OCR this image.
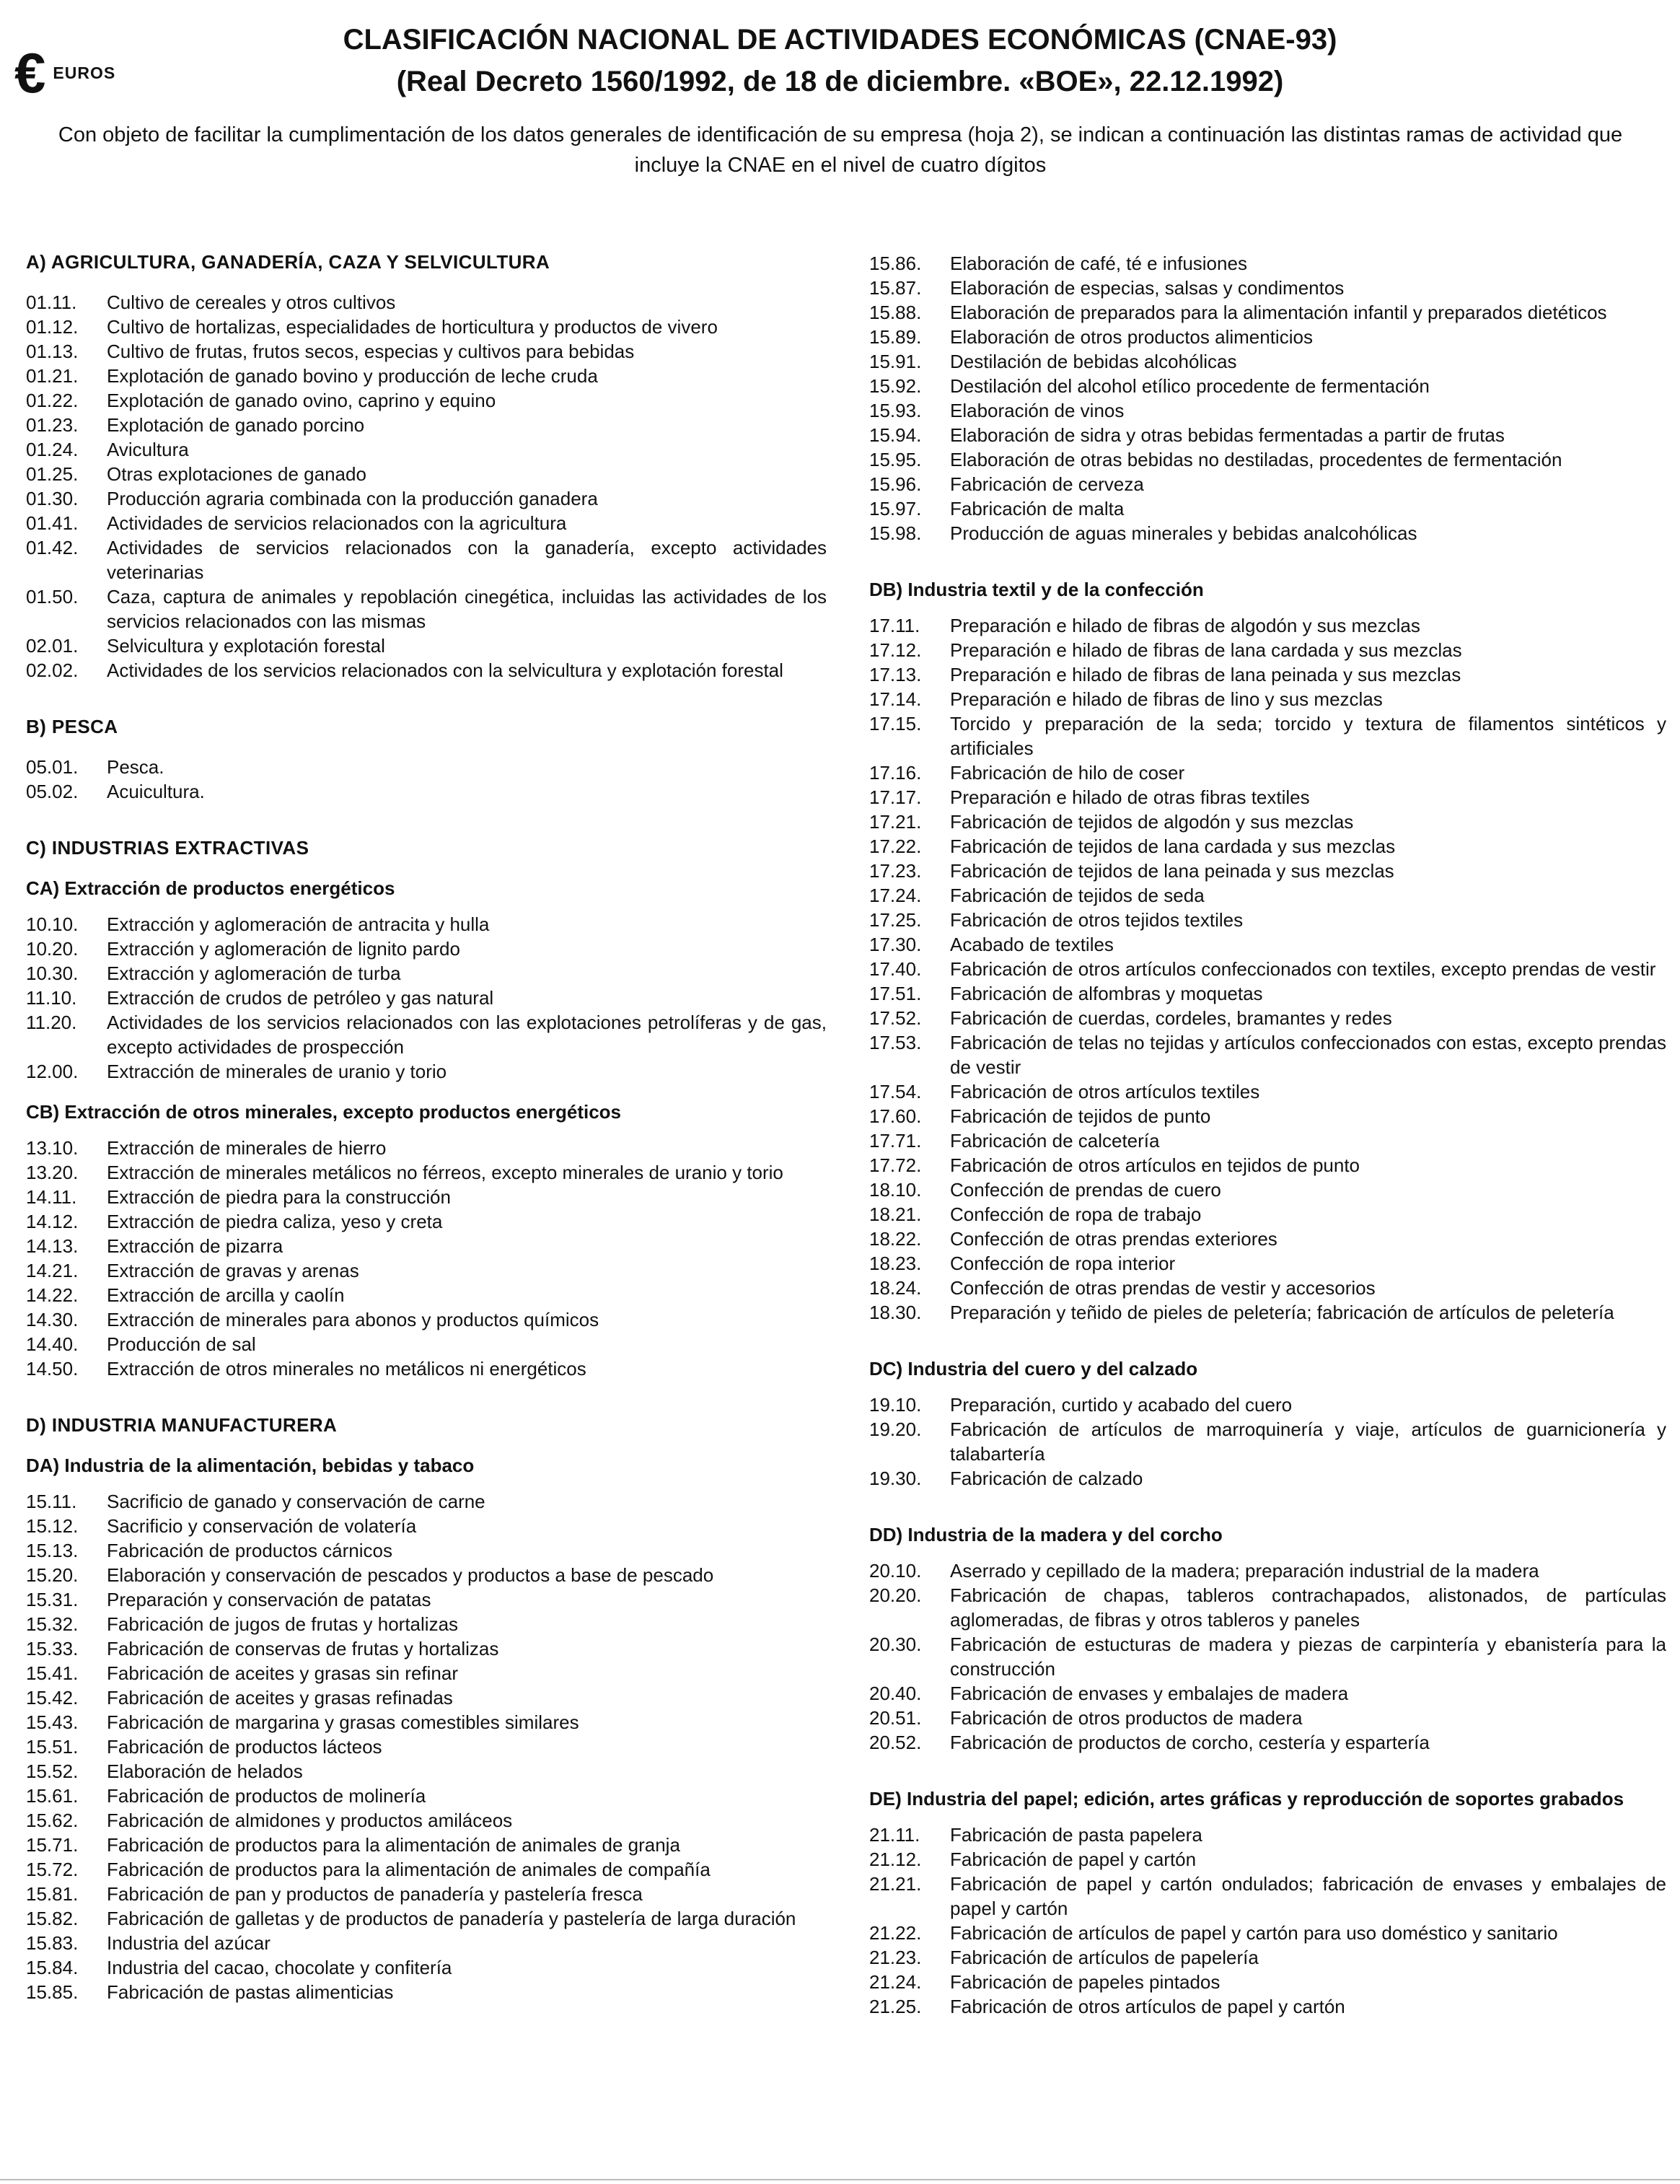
€ EUROS
CLASIFICACIÓN NACIONAL DE ACTIVIDADES ECONÓMICAS (CNAE-93)
(Real Decreto 1560/1992, de 18 de diciembre. «BOE», 22.12.1992)
Con objeto de facilitar la cumplimentación de los datos generales de identificación de su empresa (hoja 2), se indican a continuación las distintas ramas de actividad que incluye la CNAE en el nivel de cuatro dígitos
A) AGRICULTURA, GANADERÍA, CAZA Y SELVICULTURA
01.11.	Cultivo de cereales y otros cultivos
01.12.	Cultivo de hortalizas, especialidades de horticultura y productos de vivero
01.13.	Cultivo de frutas, frutos secos, especias y cultivos para bebidas
01.21.	Explotación de ganado bovino y producción de leche cruda
01.22.	Explotación de ganado ovino, caprino y equino
01.23.	Explotación de ganado porcino
01.24.	Avicultura
01.25.	Otras explotaciones de ganado
01.30.	Producción agraria combinada con la producción ganadera
01.41.	Actividades de servicios relacionados con la agricultura
01.42.	Actividades de servicios relacionados con la ganadería, excepto actividades veterinarias
01.50.	Caza, captura de animales y repoblación cinegética, incluidas las actividades de los servicios relacionados con las mismas
02.01.	Selvicultura y explotación forestal
02.02.	Actividades de los servicios relacionados con la selvicultura y explotación forestal
B) PESCA
05.01.	Pesca.
05.02.	Acuicultura.
C) INDUSTRIAS EXTRACTIVAS
CA) Extracción de productos energéticos
10.10.	Extracción y aglomeración de antracita y hulla
10.20.	Extracción y aglomeración de lignito pardo
10.30.	Extracción y aglomeración de turba
11.10.	Extracción de crudos de petróleo y gas natural
11.20.	Actividades de los servicios relacionados con las explotaciones petrolíferas y de gas, excepto actividades de prospección
12.00.	Extracción de minerales de uranio y torio
CB) Extracción de otros minerales, excepto productos energéticos
13.10.	Extracción de minerales de hierro
13.20.	Extracción de minerales metálicos no férreos, excepto minerales de uranio y torio
14.11.	Extracción de piedra para la construcción
14.12.	Extracción de piedra caliza, yeso y creta
14.13.	Extracción de pizarra
14.21.	Extracción de gravas y arenas
14.22.	Extracción de arcilla y caolín
14.30.	Extracción de minerales para abonos y productos químicos
14.40.	Producción de sal
14.50.	Extracción de otros minerales no metálicos ni energéticos
D) INDUSTRIA MANUFACTURERA
DA) Industria de la alimentación, bebidas y tabaco
15.11.	Sacrificio de ganado y conservación de carne
15.12.	Sacrificio y conservación de volatería
15.13.	Fabricación de productos cárnicos
15.20.	Elaboración y conservación de pescados y productos a base de pescado
15.31.	Preparación y conservación de patatas
15.32.	Fabricación de jugos de frutas y hortalizas
15.33.	Fabricación de conservas de frutas y hortalizas
15.41.	Fabricación de aceites y grasas sin refinar
15.42.	Fabricación de aceites y grasas refinadas
15.43.	Fabricación de margarina y grasas comestibles similares
15.51.	Fabricación de productos lácteos
15.52.	Elaboración de helados
15.61.	Fabricación de productos de molinería
15.62.	Fabricación de almidones y productos amiláceos
15.71.	Fabricación de productos para la alimentación de animales de granja
15.72.	Fabricación de productos para la alimentación de animales de compañía
15.81.	Fabricación de pan y productos de panadería y pastelería fresca
15.82.	Fabricación de galletas y de productos de panadería y pastelería de larga duración
15.83.	Industria del azúcar
15.84.	Industria del cacao, chocolate y confitería
15.85.	Fabricación de pastas alimenticias
15.86.	Elaboración de café, té e infusiones
15.87.	Elaboración de especias, salsas y condimentos
15.88.	Elaboración de preparados para la alimentación infantil y preparados dietéticos
15.89.	Elaboración de otros productos alimenticios
15.91.	Destilación de bebidas alcohólicas
15.92.	Destilación del alcohol etílico procedente de fermentación
15.93.	Elaboración de vinos
15.94.	Elaboración de sidra y otras bebidas fermentadas a partir de frutas
15.95.	Elaboración de otras bebidas no destiladas, procedentes de fermentación
15.96.	Fabricación de cerveza
15.97.	Fabricación de malta
15.98.	Producción de aguas minerales y bebidas analcohólicas
DB) Industria textil y de la confección
17.11.	Preparación e hilado de fibras de algodón y sus mezclas
17.12.	Preparación e hilado de fibras de lana cardada y sus mezclas
17.13.	Preparación e hilado de fibras de lana peinada y sus mezclas
17.14.	Preparación e hilado de fibras de lino y sus mezclas
17.15.	Torcido y preparación de la seda; torcido y textura de filamentos sintéticos y artificiales
17.16.	Fabricación de hilo de coser
17.17.	Preparación e hilado de otras fibras textiles
17.21.	Fabricación de tejidos de algodón y sus mezclas
17.22.	Fabricación de tejidos de lana cardada y sus mezclas
17.23.	Fabricación de tejidos de lana peinada y sus mezclas
17.24.	Fabricación de tejidos de seda
17.25.	Fabricación de otros tejidos textiles
17.30.	Acabado de textiles
17.40.	Fabricación de otros artículos confeccionados con textiles, excepto prendas de vestir
17.51.	Fabricación de alfombras y moquetas
17.52.	Fabricación de cuerdas, cordeles, bramantes y redes
17.53.	Fabricación de telas no tejidas y artículos confeccionados con estas, excepto prendas de vestir
17.54.	Fabricación de otros artículos textiles
17.60.	Fabricación de tejidos de punto
17.71.	Fabricación de calcetería
17.72.	Fabricación de otros artículos en tejidos de punto
18.10.	Confección de prendas de cuero
18.21.	Confección de ropa de trabajo
18.22.	Confección de otras prendas exteriores
18.23.	Confección de ropa interior
18.24.	Confección de otras prendas de vestir y accesorios
18.30.	Preparación y teñido de pieles de peletería; fabricación de artículos de peletería
DC) Industria del cuero y del calzado
19.10.	Preparación, curtido y acabado del cuero
19.20.	Fabricación de artículos de marroquinería y viaje, artículos de guarnicionería y talabartería
19.30.	Fabricación de calzado
DD) Industria de la madera y del corcho
20.10.	Aserrado y cepillado de la madera; preparación industrial de la madera
20.20.	Fabricación de chapas, tableros contrachapados, alistonados, de partículas aglomeradas, de fibras y otros tableros y paneles
20.30.	Fabricación de estucturas de madera y piezas de carpintería y ebanistería para la construcción
20.40.	Fabricación de envases y embalajes de madera
20.51.	Fabricación de otros productos de madera
20.52.	Fabricación de productos de corcho, cestería y espartería
DE) Industria del papel; edición, artes gráficas y reproducción de soportes grabados
21.11.	Fabricación de pasta papelera
21.12.	Fabricación de papel y cartón
21.21.	Fabricación de papel y cartón ondulados; fabricación de envases y embalajes de papel y cartón
21.22.	Fabricación de artículos de papel y cartón para uso doméstico y sanitario
21.23.	Fabricación de artículos de papelería
21.24.	Fabricación de papeles pintados
21.25.	Fabricación de otros artículos de papel y cartón
